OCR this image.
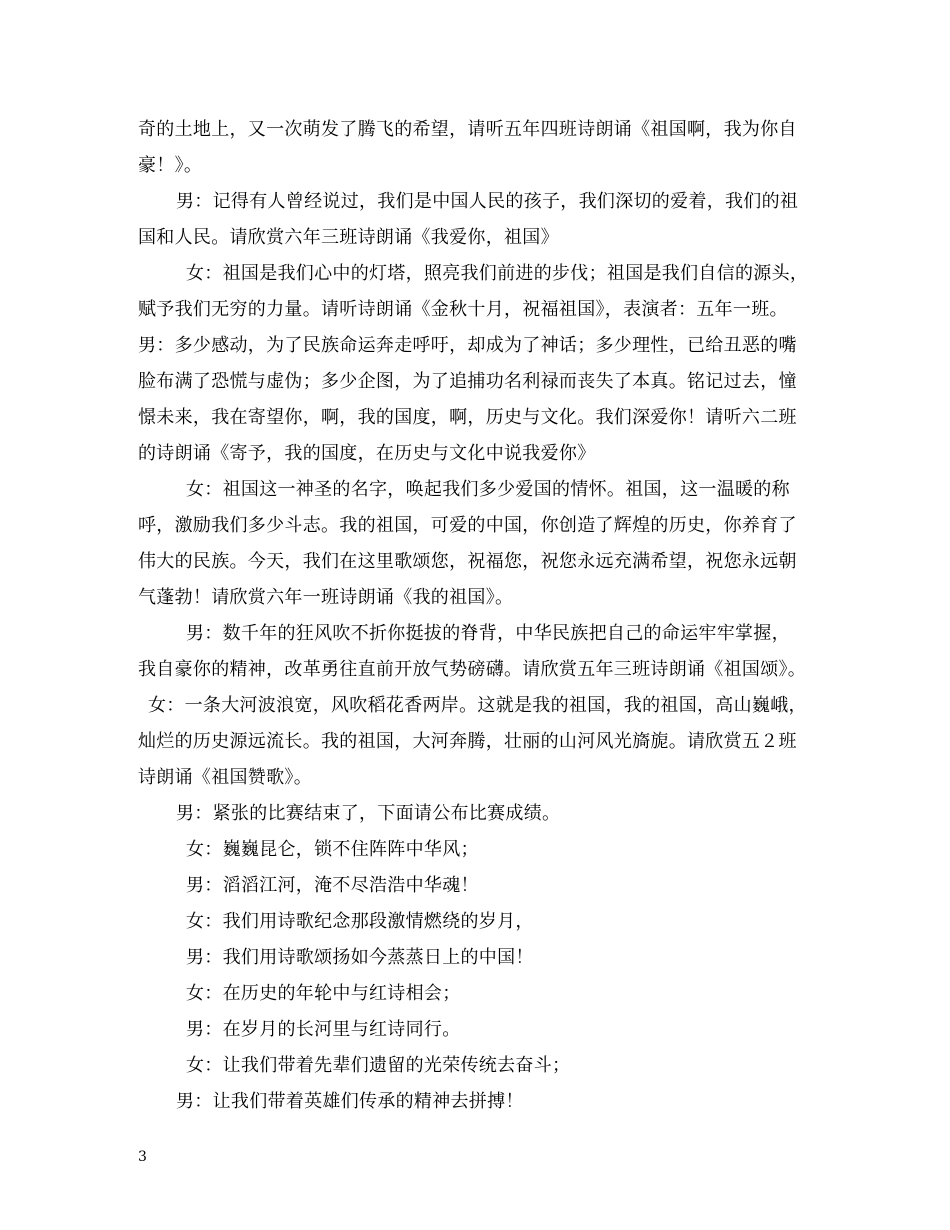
奇的土地上，又一次萌发了腾飞的希望，请听五年四班诗朗诵《祖国啊，我为你自
豪！》。
男：记得有人曾经说过，我们是中国人民的孩子，我们深切的爱着，我们的祖
国和人民。请欣赏六年三班诗朗诵《我爱你，祖国》
女：祖国是我们心中的灯塔，照亮我们前进的步伐；祖国是我们自信的源头，
赋予我们无穷的力量。请听诗朗诵《金秋十月，祝福祖国》，表演者：五年一班。
男：多少感动，为了民族命运奔走呼吁，却成为了神话；多少理性，已给丑恶的嘴
脸布满了恐慌与虚伪；多少企图，为了追捕功名利禄而丧失了本真。铭记过去，憧
憬未来，我在寄望你，啊，我的国度，啊，历史与文化。我们深爱你！请听六二班
的诗朗诵《寄予，我的国度，在历史与文化中说我爱你》
女：祖国这一神圣的名字，唤起我们多少爱国的情怀。祖国，这一温暖的称
呼，激励我们多少斗志。我的祖国，可爱的中国，你创造了辉煌的历史，你养育了
伟大的民族。今天，我们在这里歌颂您，祝福您，祝您永远充满希望，祝您永远朝
气蓬勃！请欣赏六年一班诗朗诵《我的祖国》。
男：数千年的狂风吹不折你挺拔的脊背，中华民族把自己的命运牢牢掌握，
我自豪你的精神，改革勇往直前开放气势磅礴。请欣赏五年三班诗朗诵《祖国颂》。
女：一条大河波浪宽，风吹稻花香两岸。这就是我的祖国，我的祖国，高山巍峨，
灿烂的历史源远流长。我的祖国，大河奔腾，壮丽的山河风光旖旎。请欣赏五２班
诗朗诵《祖国赞歌》。
男：紧张的比赛结束了，下面请公布比赛成绩。
女：巍巍昆仑，锁不住阵阵中华风；
男：滔滔江河，淹不尽浩浩中华魂！
女：我们用诗歌纪念那段激情燃绕的岁月，
男：我们用诗歌颂扬如今蒸蒸日上的中国！
女：在历史的年轮中与红诗相会；
男：在岁月的长河里与红诗同行。
女：让我们带着先辈们遗留的光荣传统去奋斗；
男：让我们带着英雄们传承的精神去拼搏！
3
